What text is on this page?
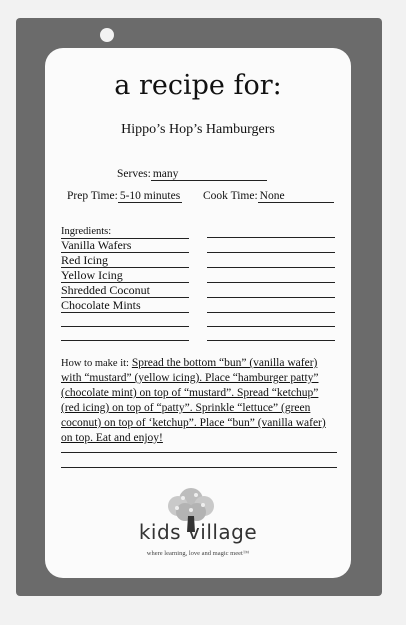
a recipe for:
Hippo’s Hop’s Hamburgers
Serves: many
Prep Time: 5-10 minutes Cook Time: None
Ingredients:
Vanilla Wafers
Red Icing
Yellow Icing
Shredded Coconut
Chocolate Mints
How to make it: Spread the bottom “bun” (vanilla wafer) with “mustard” (yellow icing). Place “hamburger patty” (chocolate mint) on top of “mustard”. Spread “ketchup” (red icing) on top of “patty”. Sprinkle “lettuce” (green coconut) on top of ‘ketchup”. Place “bun” (vanilla wafer) on top. Eat and enjoy!
kids village
where learning, love and magic meet™
